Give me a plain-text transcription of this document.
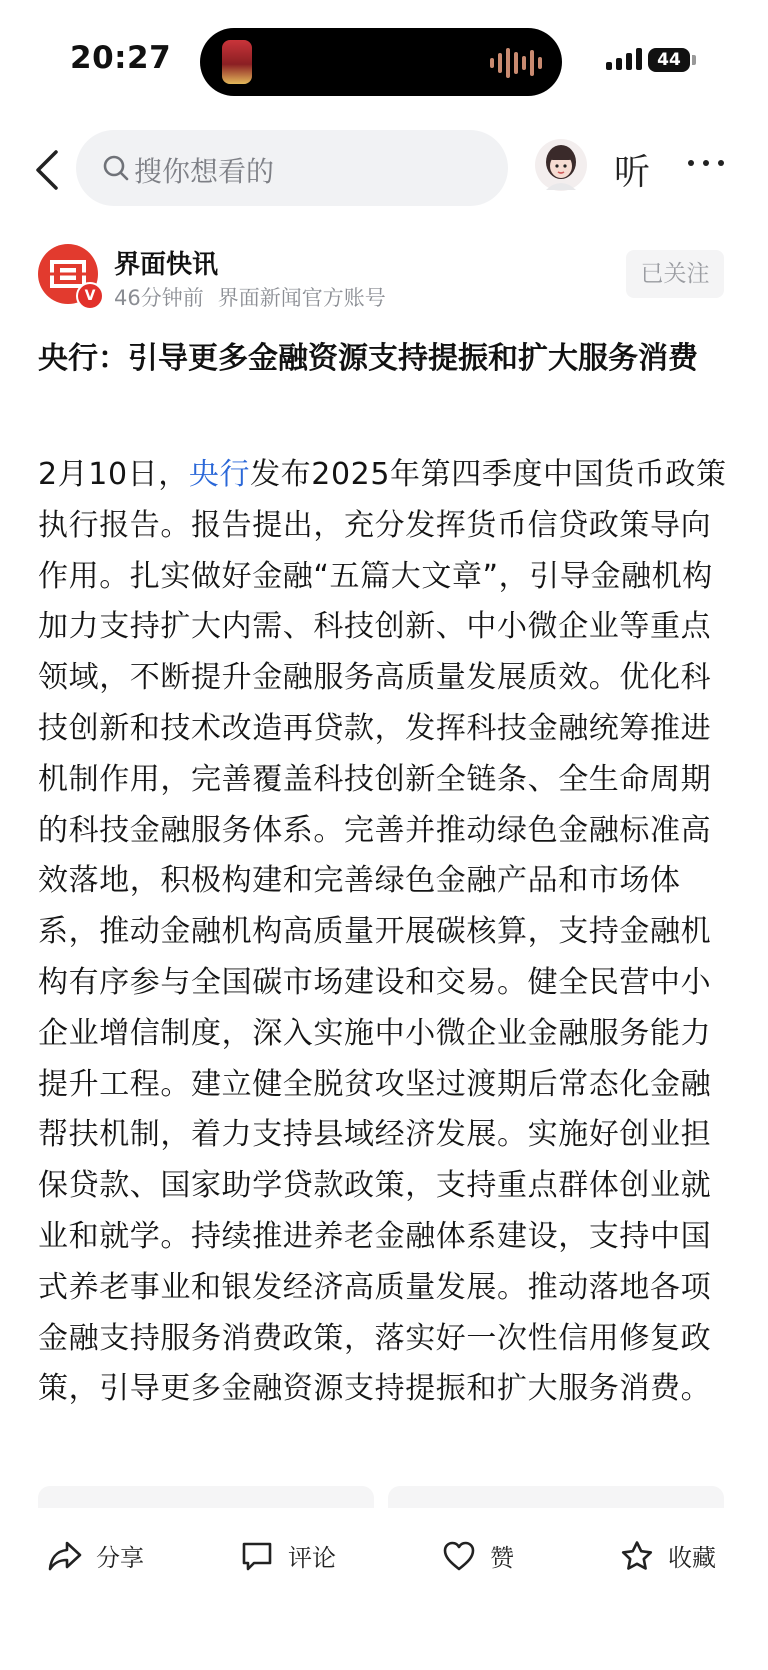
20:27	44
搜你想看的	听
V
界面快讯
46分钟前 界面新闻官方账号
已关注
央行：引导更多金融资源支持提振和扩大服务消费

2月10日，央行发布2025年第四季度中国货币政策执行报告。报告提出，充分发挥货币信贷政策导向作用。扎实做好金融“五篇大文章”，引导金融机构加力支持扩大内需、科技创新、中小微企业等重点领域，不断提升金融服务高质量发展质效。优化科技创新和技术改造再贷款，发挥科技金融统筹推进机制作用，完善覆盖科技创新全链条、全生命周期的科技金融服务体系。完善并推动绿色金融标准高效落地，积极构建和完善绿色金融产品和市场体系，推动金融机构高质量开展碳核算，支持金融机构有序参与全国碳市场建设和交易。健全民营中小企业增信制度，深入实施中小微企业金融服务能力提升工程。建立健全脱贫攻坚过渡期后常态化金融帮扶机制，着力支持县域经济发展。实施好创业担保贷款、国家助学贷款政策，支持重点群体创业就业和就学。持续推进养老金融体系建设，支持中国式养老事业和银发经济高质量发展。推动落地各项金融支持服务消费政策，落实好一次性信用修复政策，引导更多金融资源支持提振和扩大服务消费。

分享	评论	赞	收藏
